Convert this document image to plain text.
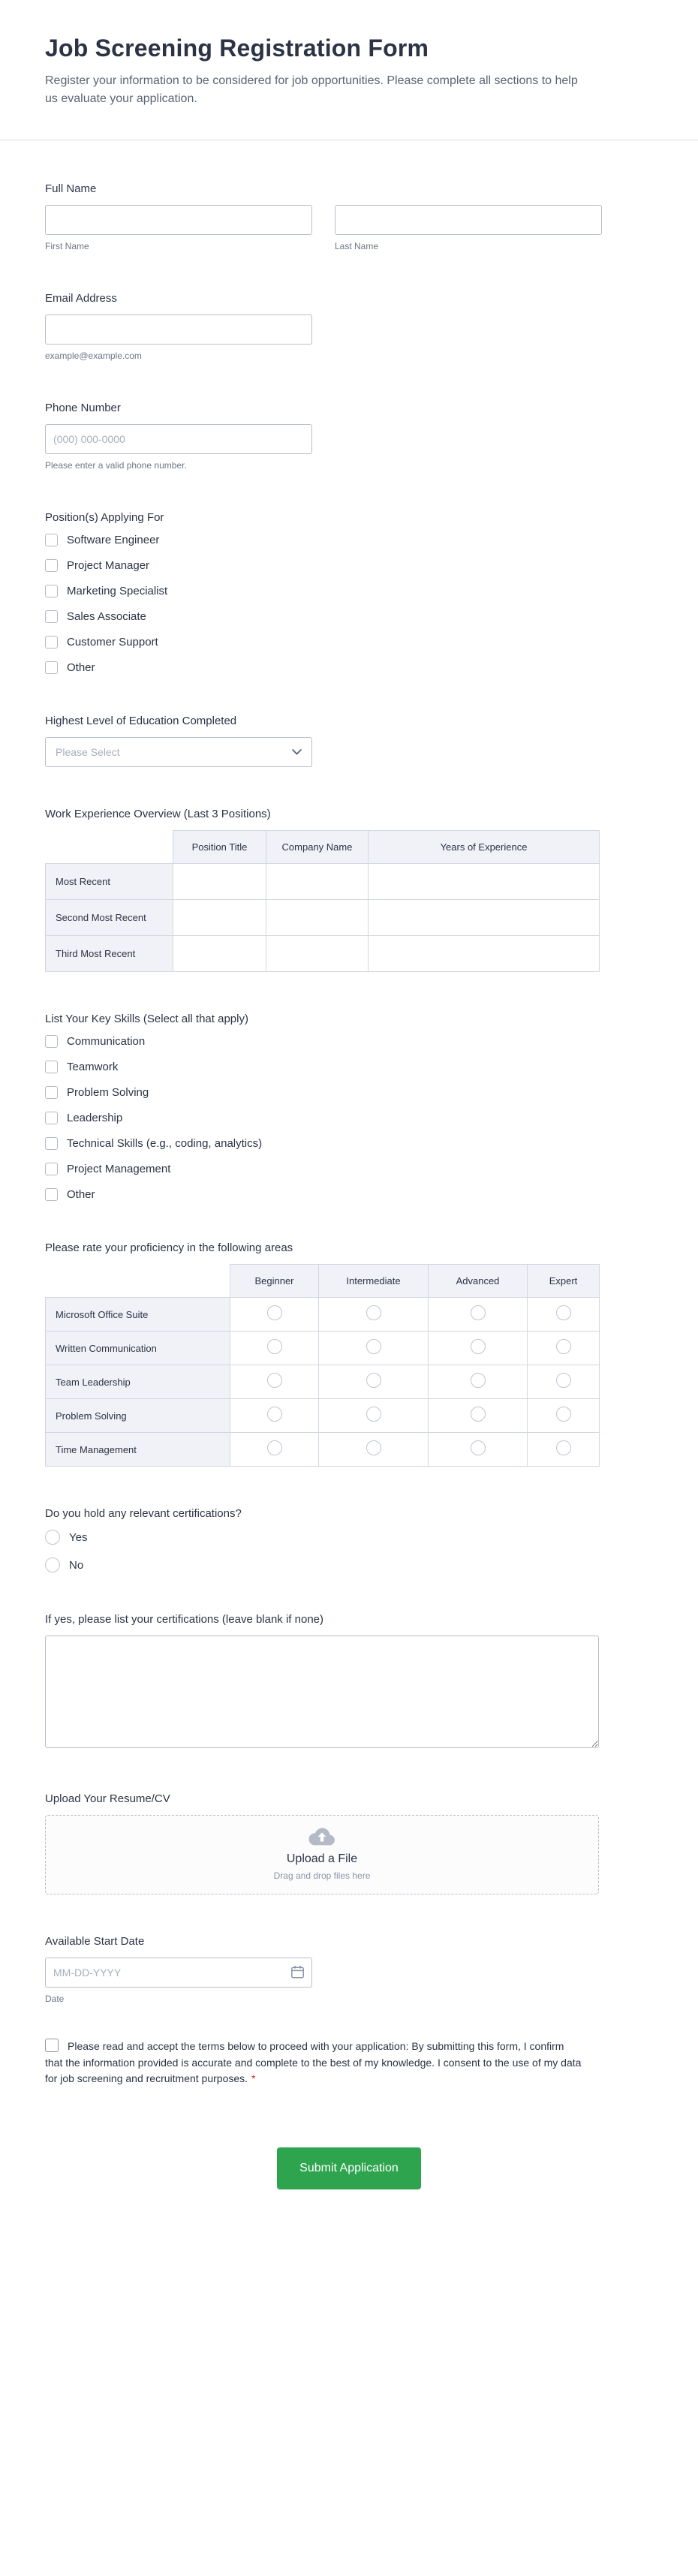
Job Screening Registration Form

Register your information to be considered for job opportunities. Please complete all sections to help us evaluate your application.

Full Name
First Name	Last Name
Email Address
example@example.com
Phone Number
(000) 000-0000
Please enter a valid phone number.
Position(s) Applying For
Software Engineer
Project Manager
Marketing Specialist
Sales Associate
Customer Support
Other
Highest Level of Education Completed
Please Select
Work Experience Overview (Last 3 Positions)
	Position Title	Company Name	Years of Experience
Most Recent			
Second Most Recent			
Third Most Recent			
List Your Key Skills (Select all that apply)
Communication
Teamwork
Problem Solving
Leadership
Technical Skills (e.g., coding, analytics)
Project Management
Other
Please rate your proficiency in the following areas
	Beginner	Intermediate	Advanced	Expert
Microsoft Office Suite				
Written Communication				
Team Leadership				
Problem Solving				
Time Management				
Do you hold any relevant certifications?
Yes
No
If yes, please list your certifications (leave blank if none)
Upload Your Resume/CV
Upload a File
Drag and drop files here
Available Start Date
MM-DD-YYYY
Date

Please read and accept the terms below to proceed with your application: By submitting this form, I confirm that the information provided is accurate and complete to the best of my knowledge. I consent to the use of my data for job screening and recruitment purposes. *

Submit Application
